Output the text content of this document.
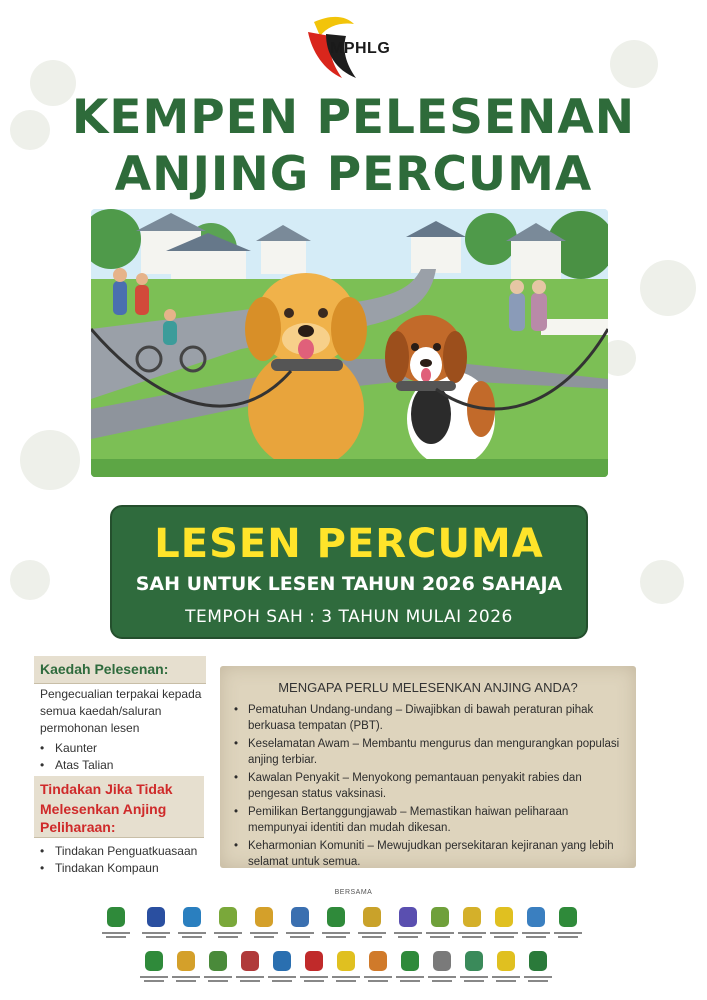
MPHLG
KEMPEN PELESENAN
ANJING PERCUMA
LESEN PERCUMA
SAH UNTUK LESEN TAHUN 2026 SAHAJA
TEMPOH SAH : 3 TAHUN MULAI 2026
Kaedah Pelesenan:
Pengecualian terpakai kepada semua kaedah/saluran permohonan lesen
• Kaunter
• Atas Talian
Tindakan Jika Tidak
Melesenkan Anjing
Peliharaan:
• Tindakan Penguatkuasaan
• Tindakan Kompaun
MENGAPA PERLU MELESENKAN ANJING ANDA?
• Pematuhan Undang-undang – Diwajibkan di bawah peraturan pihak berkuasa tempatan (PBT).
• Keselamatan Awam – Membantu mengurus dan mengurangkan populasi anjing terbiar.
• Kawalan Penyakit – Menyokong pemantauan penyakit rabies dan pengesan status vaksinasi.
• Pemilikan Bertanggungjawab – Memastikan haiwan peliharaan mempunyai identiti dan mudah dikesan.
• Keharmonian Komuniti – Mewujudkan persekitaran kejiranan yang lebih selamat untuk semua.
BERSAMA
